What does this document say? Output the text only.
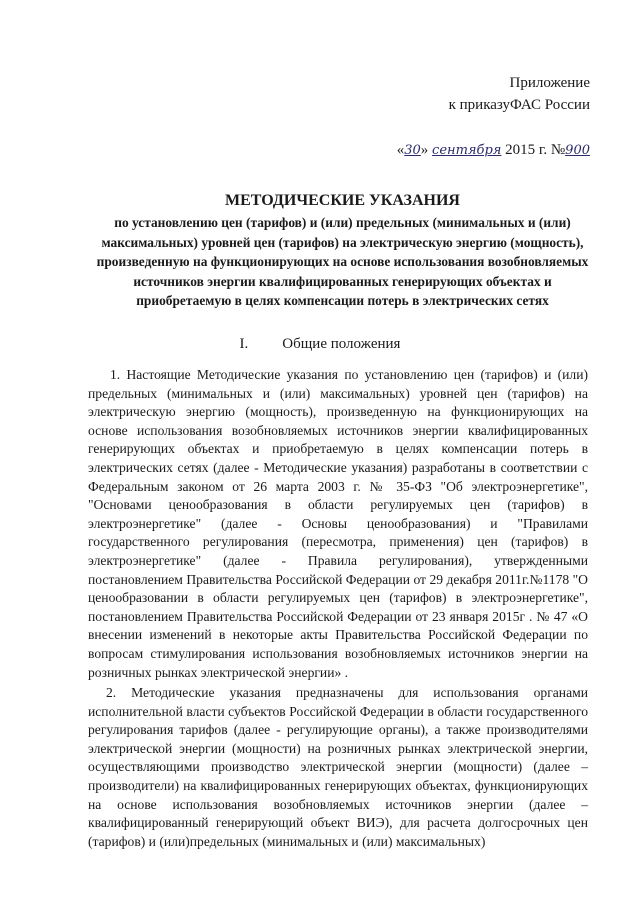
Приложение
к приказуФАС России
«30» сентября 2015 г. №900
МЕТОДИЧЕСКИЕ УКАЗАНИЯ
по установлению цен (тарифов) и (или) предельных (минимальных и (или) максимальных) уровней цен (тарифов) на электрическую энергию (мощность), произведенную на функционирующих на основе использования возобновляемых источников энергии квалифицированных генерирующих объектах и приобретаемую в целях компенсации потерь в электрических сетях
I. Общие положения

1. Настоящие Методические указания по установлению цен (тарифов) и (или) предельных (минимальных и (или) максимальных) уровней цен (тарифов) на электрическую энергию (мощность), произведенную на функционирующих на основе использования возобновляемых источников энергии квалифицированных генерирующих объектах и приобретаемую в целях компенсации потерь в электрических сетях (далее - Методические указания) разработаны в соответствии с Федеральным законом от 26 марта 2003 г. № 35-ФЗ "Об электроэнергетике", "Основами ценообразования в области регулируемых цен (тарифов) в электроэнергетике" (далее - Основы ценообразования) и "Правилами государственного регулирования (пересмотра, применения) цен (тарифов) в электроэнергетике" (далее - Правила регулирования), утвержденными постановлением Правительства Российской Федерации от 29 декабря 2011г.№1178 "О ценообразовании в области регулируемых цен (тарифов) в электроэнергетике", постановлением Правительства Российской Федерации от 23 января 2015г . № 47 «О внесении изменений в некоторые акты Правительства Российской Федерации по вопросам стимулирования использования возобновляемых источников энергии на розничных рынках электрической энергии» .

2. Методические указания предназначены для использования органами исполнительной власти субъектов Российской Федерации в области государственного регулирования тарифов (далее - регулирующие органы), а также производителями электрической энергии (мощности) на розничных рынках электрической энергии, осуществляющими производство электрической энергии (мощности) (далее – производители) на квалифицированных генерирующих объектах, функционирующих на основе использования возобновляемых источников энергии (далее – квалифицированный генерирующий объект ВИЭ), для расчета долгосрочных цен (тарифов) и (или)предельных (минимальных и (или) максимальных)
